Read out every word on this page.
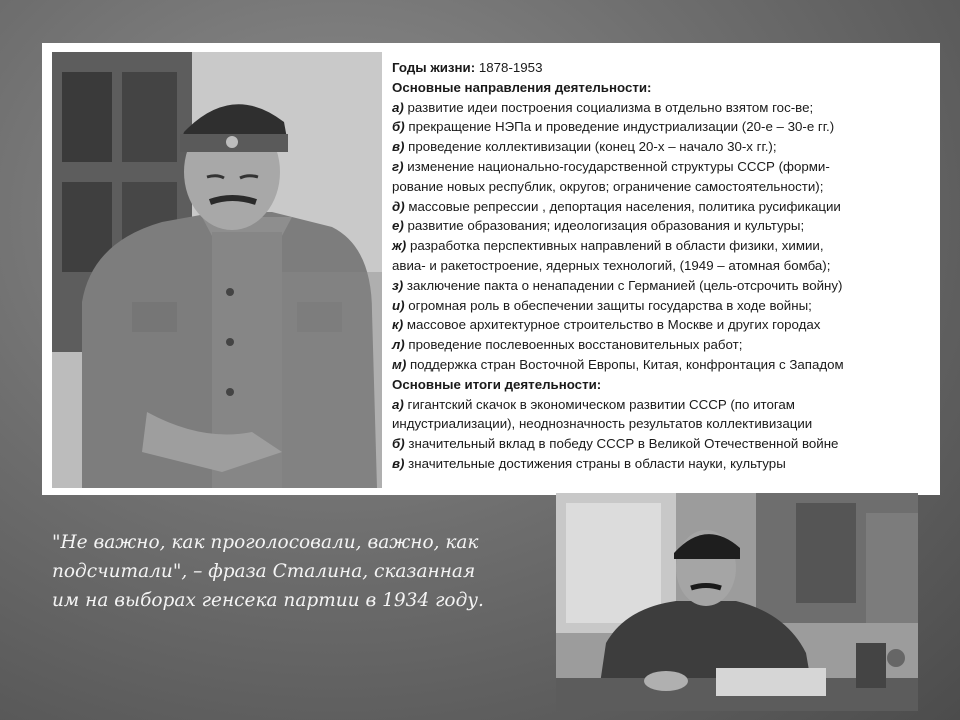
Годы жизни: 1878-1953
Основные направления деятельности:
а) развитие идеи построения социализма в отдельно взятом гос-ве;
б) прекращение НЭПа и проведение индустриализации (20-е – 30-е гг.)
в) проведение коллективизации (конец 20-х – начало 30-х гг.);
г) изменение национально-государственной структуры СССР (форми-
рование новых республик, округов; ограничение самостоятельности);
д) массовые репрессии , депортация населения, политика русификации
е) развитие образования; идеологизация образования и культуры;
ж) разработка перспективных направлений в области физики, химии,
авиа- и ракетостроение, ядерных технологий, (1949 – атомная бомба);
з) заключение пакта о ненападении с Германией (цель-отсрочить войну)
и) огромная роль в обеспечении защиты государства в ходе войны;
к) массовое архитектурное строительство в Москве и других городах
л) проведение послевоенных восстановительных работ;
м) поддержка стран Восточной Европы, Китая, конфронтация с Западом
Основные итоги деятельности:
а) гигантский скачок в экономическом развитии СССР (по итогам
индустриализации), неоднозначность результатов коллективизации
б) значительный вклад в победу СССР в Великой Отечественной войне
в) значительные достижения страны в области науки, культуры
"Не важно, как проголосовали, важно, как
подсчитали", – фраза Сталина, сказанная
им на выборах генсека партии в 1934 году.
